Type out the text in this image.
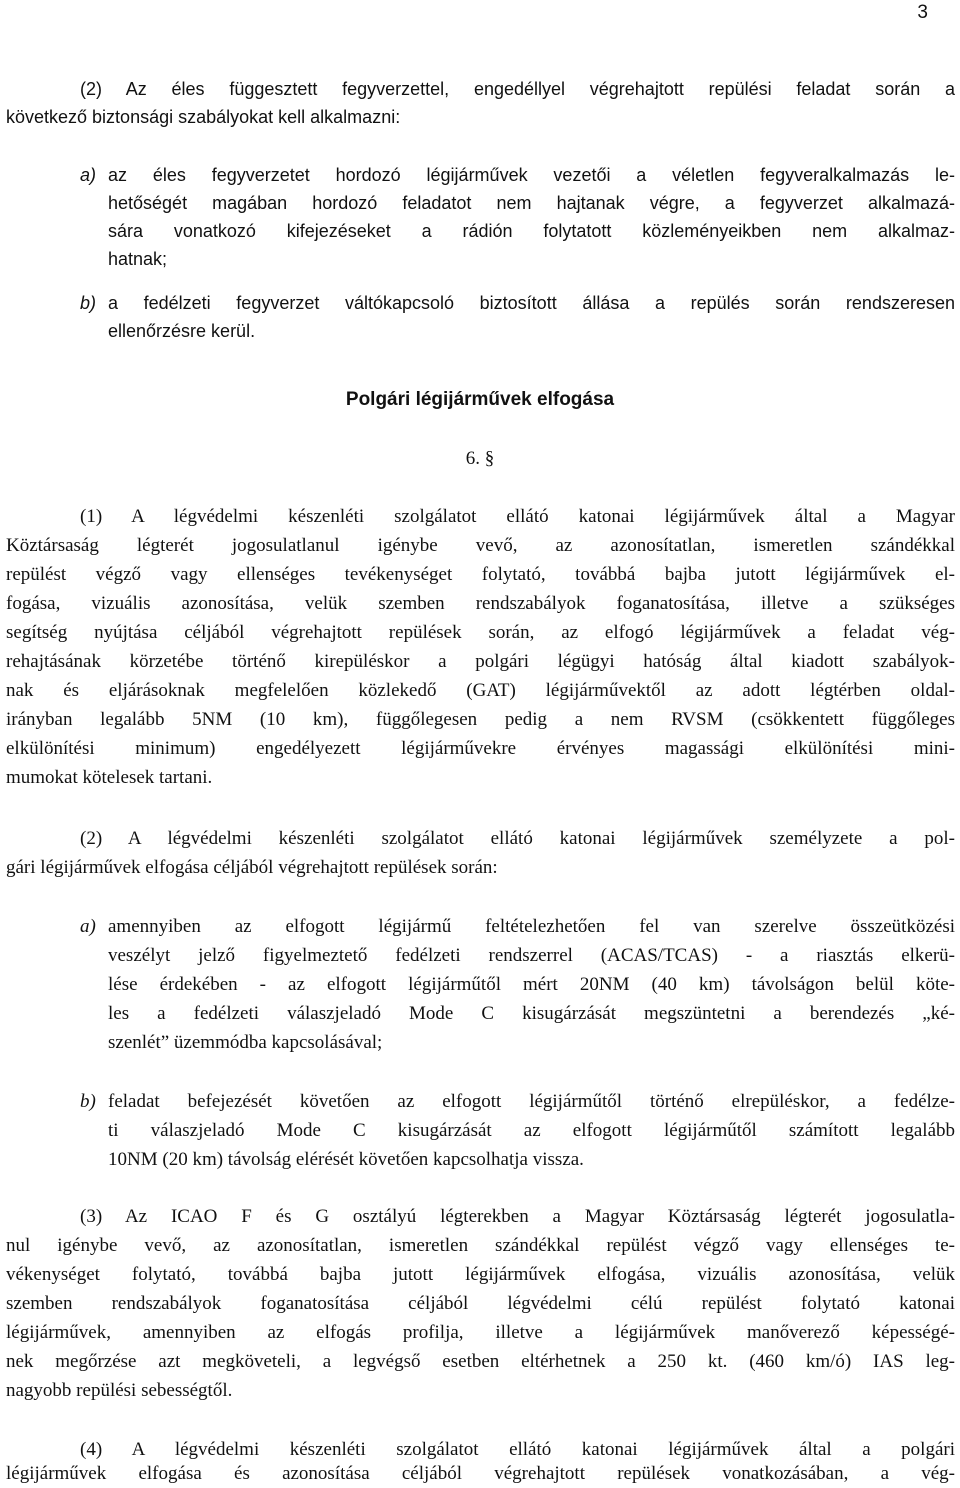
3
(2) Az éles függesztett fegyverzettel, engedéllyel végrehajtott repülési feladat során a
következő biztonsági szabályokat kell alkalmazni:
a) az éles fegyverzetet hordozó légijárművek vezetői a véletlen fegyveralkalmazás le-
hetőségét magában hordozó feladatot nem hajtanak végre, a fegyverzet alkalmazá-
sára vonatkozó kifejezéseket a rádión folytatott közleményeikben nem alkalmaz-
hatnak;
b) a fedélzeti fegyverzet váltókapcsoló biztosított állása a repülés során rendszeresen
ellenőrzésre kerül.
Polgári légijárművek elfogása
6. §
(1) A légvédelmi készenléti szolgálatot ellátó katonai légijárművek által a Magyar
Köztársaság légterét jogosulatlanul igénybe vevő, az azonosítatlan, ismeretlen szándékkal
repülést végző vagy ellenséges tevékenységet folytató, továbbá bajba jutott légijárművek el-
fogása, vizuális azonosítása, velük szemben rendszabályok foganatosítása, illetve a szükséges
segítség nyújtása céljából végrehajtott repülések során, az elfogó légijárművek a feladat vég-
rehajtásának körzetébe történő kirepüléskor a polgári légügyi hatóság által kiadott szabályok-
nak és eljárásoknak megfelelően közlekedő (GAT) légijárművektől az adott légtérben oldal-
irányban legalább 5NM (10 km), függőlegesen pedig a nem RVSM (csökkentett függőleges
elkülönítési minimum) engedélyezett légijárművekre érvényes magassági elkülönítési mini-
mumokat kötelesek tartani.
(2) A légvédelmi készenléti szolgálatot ellátó katonai légijárművek személyzete a pol-
gári légijárművek elfogása céljából végrehajtott repülések során:
a) amennyiben az elfogott légijármű feltételezhetően fel van szerelve összeütközési
veszélyt jelző figyelmeztető fedélzeti rendszerrel (ACAS/TCAS) - a riasztás elkerü-
lése érdekében - az elfogott légijárműtől mért 20NM (40 km) távolságon belül köte-
les a fedélzeti válaszjeladó Mode C kisugárzását megszüntetni a berendezés „ké-
szenlét” üzemmódba kapcsolásával;
b) feladat befejezését követően az elfogott légijárműtől történő elrepüléskor, a fedélze-
ti válaszjeladó Mode C kisugárzását az elfogott légijárműtől számított legalább
10NM (20 km) távolság elérését követően kapcsolhatja vissza.
(3) Az ICAO F és G osztályú légterekben a Magyar Köztársaság légterét jogosulatla-
nul igénybe vevő, az azonosítatlan, ismeretlen szándékkal repülést végző vagy ellenséges te-
vékenységet folytató, továbbá bajba jutott légijárművek elfogása, vizuális azonosítása, velük
szemben rendszabályok foganatosítása céljából légvédelmi célú repülést folytató katonai
légijárművek, amennyiben az elfogás profilja, illetve a légijárművek manőverező képességé-
nek megőrzése azt megköveteli, a legvégső esetben eltérhetnek a 250 kt. (460 km/ó) IAS leg-
nagyobb repülési sebességtől.
(4) A légvédelmi készenléti szolgálatot ellátó katonai légijárművek által a polgári
légijárművek elfogása és azonosítása céljából végrehajtott repülések vonatkozásában, a vég-
